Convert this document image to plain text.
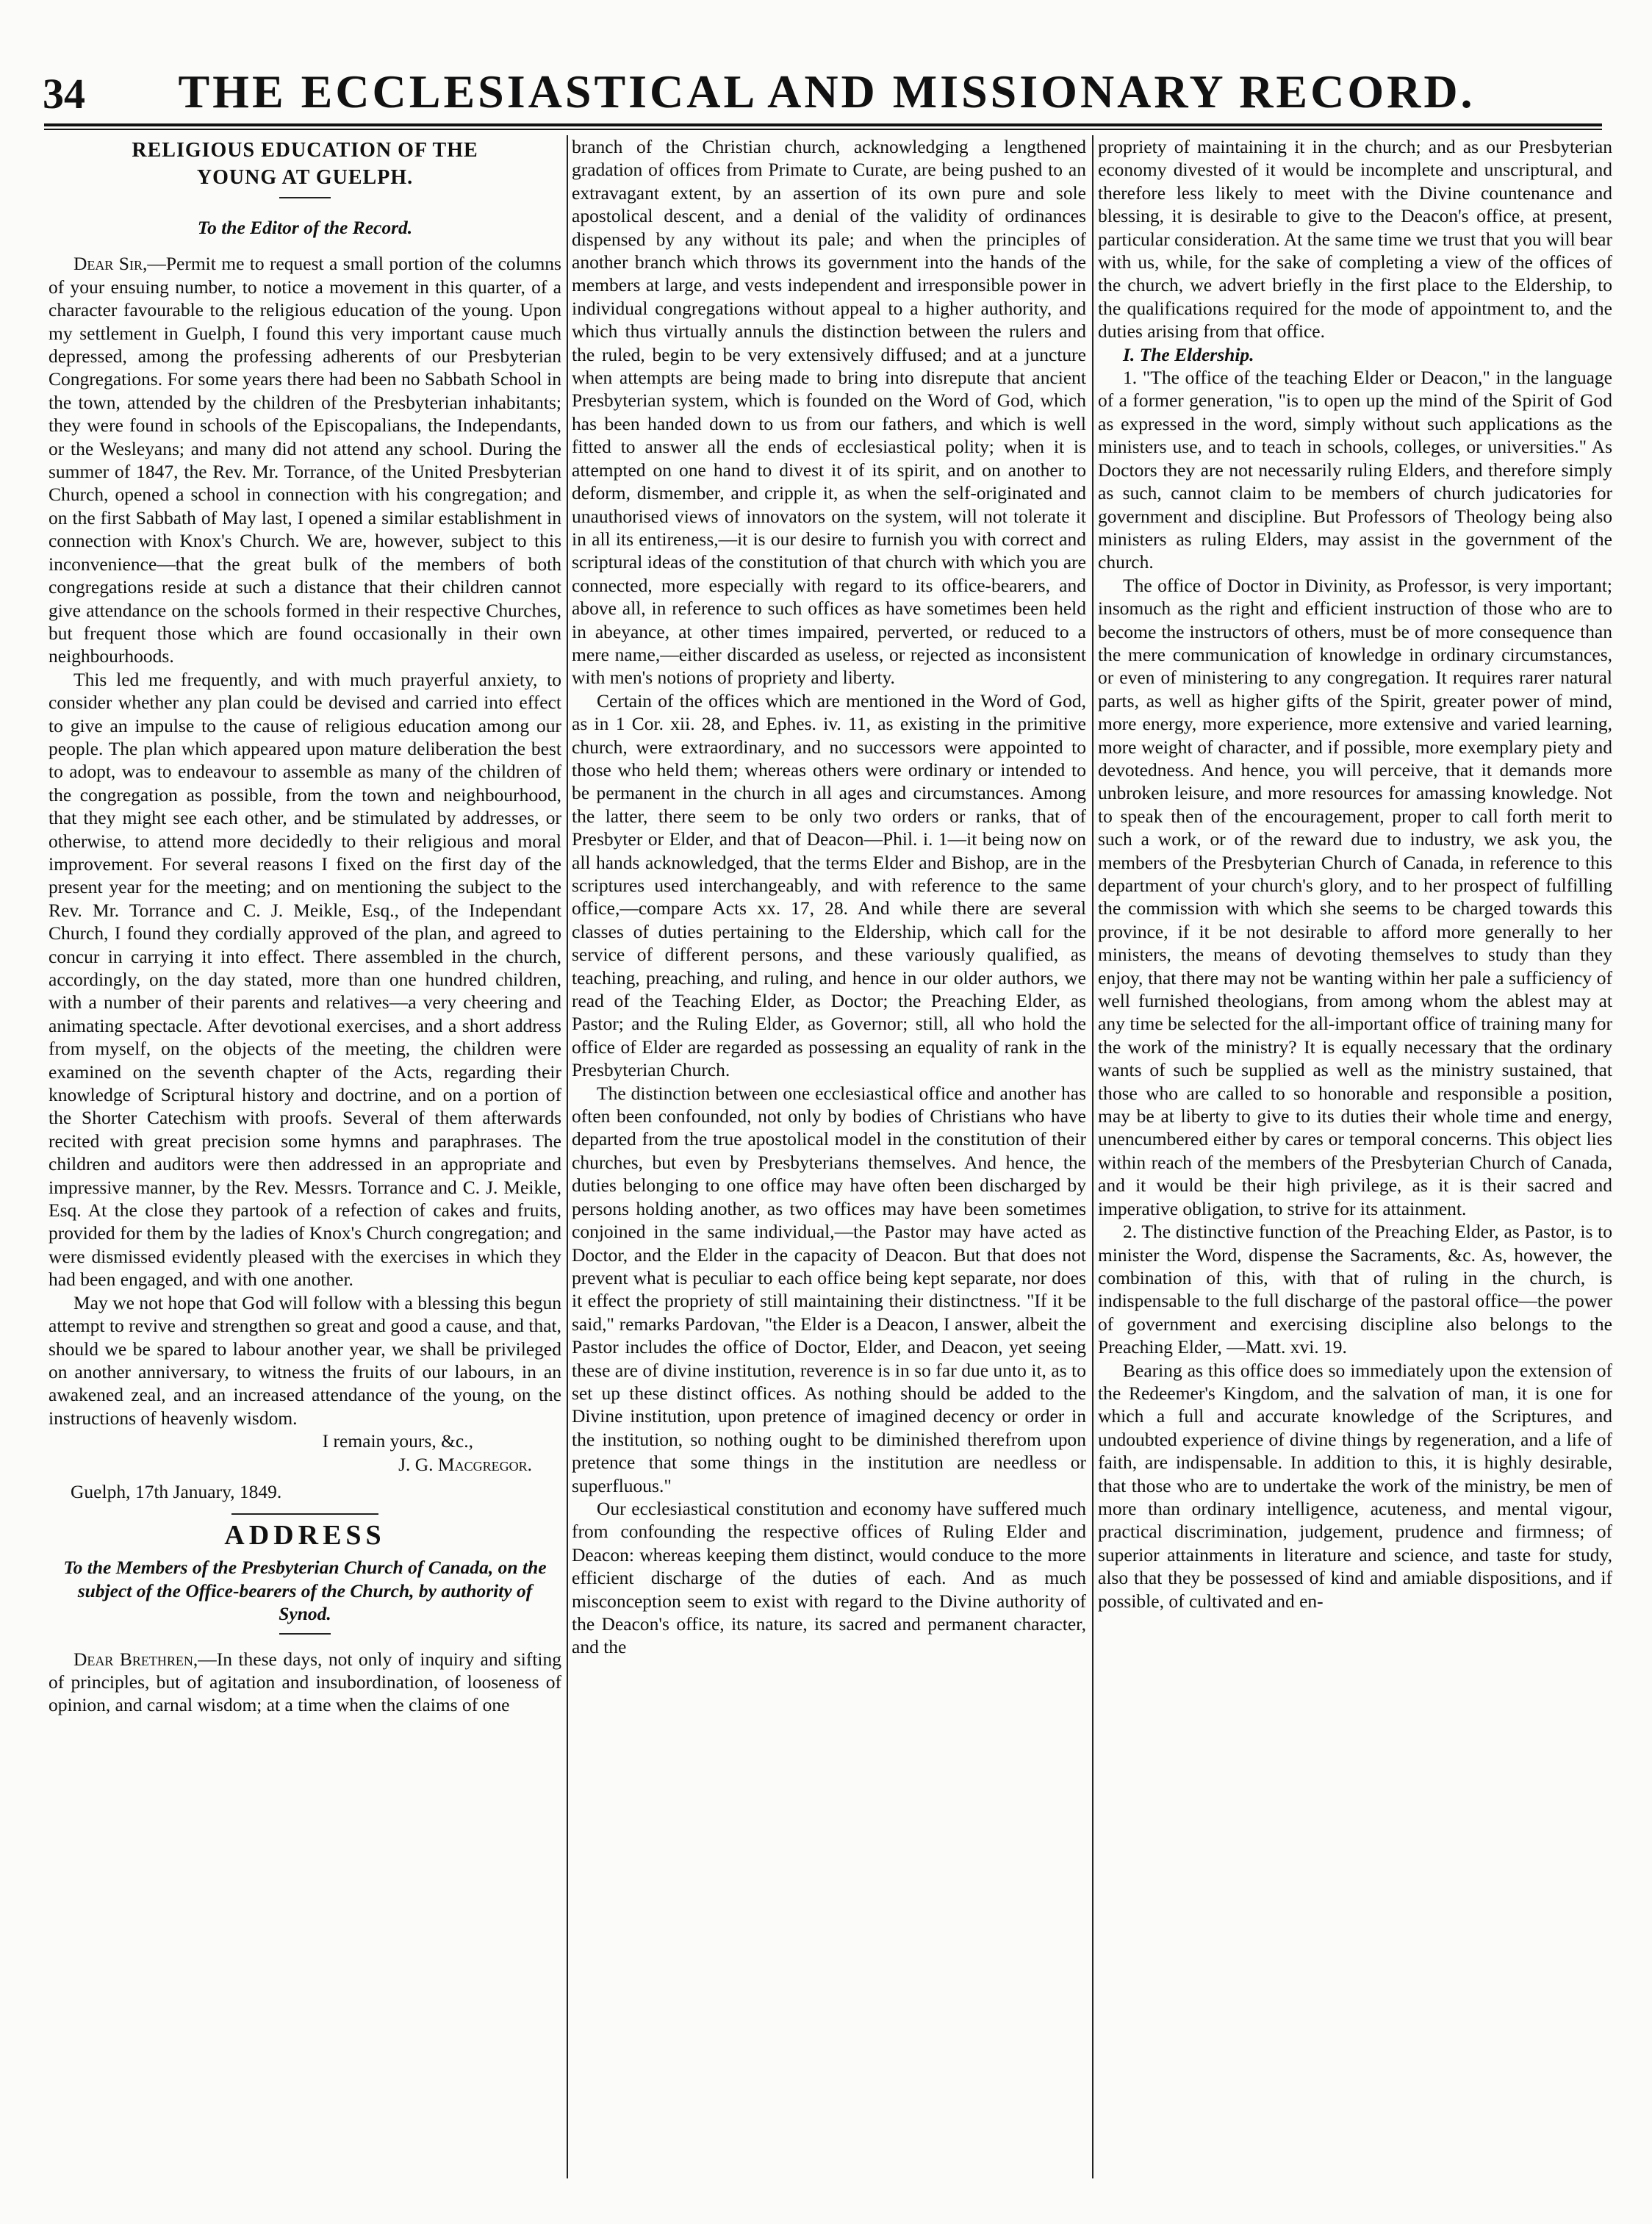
34	THE ECCLESIASTICAL AND MISSIONARY RECORD.
RELIGIOUS EDUCATION OF THE
YOUNG AT GUELPH.

To the Editor of the Record.

Dear Sir,—Permit me to request a small portion of the columns of your ensuing number, to notice a movement in this quarter, of a character favourable to the religious education of the young. Upon my settlement in Guelph, I found this very important cause much depressed, among the professing adherents of our Presbyterian Congregations. For some years there had been no Sabbath School in the town, attended by the children of the Presbyterian inhabitants; they were found in schools of the Episcopalians, the Independants, or the Wesleyans; and many did not attend any school. During the summer of 1847, the Rev. Mr. Torrance, of the United Presbyterian Church, opened a school in connection with his congregation; and on the first Sabbath of May last, I opened a similar establishment in connection with Knox's Church. We are, however, subject to this inconvenience—that the great bulk of the members of both congregations reside at such a distance that their children cannot give attendance on the schools formed in their respective Churches, but frequent those which are found occasionally in their own neighbourhoods.

This led me frequently, and with much prayerful anxiety, to consider whether any plan could be devised and carried into effect to give an impulse to the cause of religious education among our people. The plan which appeared upon mature deliberation the best to adopt, was to endeavour to assemble as many of the children of the congregation as possible, from the town and neighbourhood, that they might see each other, and be stimulated by addresses, or otherwise, to attend more decidedly to their religious and moral improvement. For several reasons I fixed on the first day of the present year for the meeting; and on mentioning the subject to the Rev. Mr. Torrance and C. J. Meikle, Esq., of the Independant Church, I found they cordially approved of the plan, and agreed to concur in carrying it into effect. There assembled in the church, accordingly, on the day stated, more than one hundred children, with a number of their parents and relatives—a very cheering and animating spectacle. After devotional exercises, and a short address from myself, on the objects of the meeting, the children were examined on the seventh chapter of the Acts, regarding their knowledge of Scriptural history and doctrine, and on a portion of the Shorter Catechism with proofs. Several of them afterwards recited with great precision some hymns and paraphrases. The children and auditors were then addressed in an appropriate and impressive manner, by the Rev. Messrs. Torrance and C. J. Meikle, Esq. At the close they partook of a refection of cakes and fruits, provided for them by the ladies of Knox's Church congregation; and were dismissed evidently pleased with the exercises in which they had been engaged, and with one another.

May we not hope that God will follow with a blessing this begun attempt to revive and strengthen so great and good a cause, and that, should we be spared to labour another year, we shall be privileged on another anniversary, to witness the fruits of our labours, in an awakened zeal, and an increased attendance of the young, on the instructions of heavenly wisdom.

I remain yours, &c.,

J. G. Macgregor.

Guelph, 17th January, 1849.

ADDRESS

To the Members of the Presbyterian Church of Canada, on the subject of the Office-bearers of the Church, by authority of Synod.

Dear Brethren,—In these days, not only of inquiry and sifting of principles, but of agitation and insubordination, of looseness of opinion, and carnal wisdom; at a time when the claims of one

branch of the Christian church, acknowledging a lengthened gradation of offices from Primate to Curate, are being pushed to an extravagant extent, by an assertion of its own pure and sole apostolical descent, and a denial of the validity of ordinances dispensed by any without its pale; and when the principles of another branch which throws its government into the hands of the members at large, and vests independent and irresponsible power in individual congregations without appeal to a higher authority, and which thus virtually annuls the distinction between the rulers and the ruled, begin to be very extensively diffused; and at a juncture when attempts are being made to bring into disrepute that ancient Presbyterian system, which is founded on the Word of God, which has been handed down to us from our fathers, and which is well fitted to answer all the ends of ecclesiastical polity; when it is attempted on one hand to divest it of its spirit, and on another to deform, dismember, and cripple it, as when the self-originated and unauthorised views of innovators on the system, will not tolerate it in all its entireness,—it is our desire to furnish you with correct and scriptural ideas of the constitution of that church with which you are connected, more especially with regard to its office-bearers, and above all, in reference to such offices as have sometimes been held in abeyance, at other times impaired, perverted, or reduced to a mere name,—either discarded as useless, or rejected as inconsistent with men's notions of propriety and liberty.

Certain of the offices which are mentioned in the Word of God, as in 1 Cor. xii. 28, and Ephes. iv. 11, as existing in the primitive church, were extraordinary, and no successors were appointed to those who held them; whereas others were ordinary or intended to be permanent in the church in all ages and circumstances. Among the latter, there seem to be only two orders or ranks, that of Presbyter or Elder, and that of Deacon—Phil. i. 1—it being now on all hands acknowledged, that the terms Elder and Bishop, are in the scriptures used interchangeably, and with reference to the same office,—compare Acts xx. 17, 28. And while there are several classes of duties pertaining to the Eldership, which call for the service of different persons, and these variously qualified, as teaching, preaching, and ruling, and hence in our older authors, we read of the Teaching Elder, as Doctor; the Preaching Elder, as Pastor; and the Ruling Elder, as Governor; still, all who hold the office of Elder are regarded as possessing an equality of rank in the Presbyterian Church.

The distinction between one ecclesiastical office and another has often been confounded, not only by bodies of Christians who have departed from the true apostolical model in the constitution of their churches, but even by Presbyterians themselves. And hence, the duties belonging to one office may have often been discharged by persons holding another, as two offices may have been sometimes conjoined in the same individual,—the Pastor may have acted as Doctor, and the Elder in the capacity of Deacon. But that does not prevent what is peculiar to each office being kept separate, nor does it effect the propriety of still maintaining their distinctness. "If it be said," remarks Pardovan, "the Elder is a Deacon, I answer, albeit the Pastor includes the office of Doctor, Elder, and Deacon, yet seeing these are of divine institution, reverence is in so far due unto it, as to set up these distinct offices. As nothing should be added to the Divine institution, upon pretence of imagined decency or order in the institution, so nothing ought to be diminished therefrom upon pretence that some things in the institution are needless or superfluous."

Our ecclesiastical constitution and economy have suffered much from confounding the respective offices of Ruling Elder and Deacon: whereas keeping them distinct, would conduce to the more efficient discharge of the duties of each. And as much misconception seem to exist with regard to the Divine authority of the Deacon's office, its nature, its sacred and permanent character, and the

propriety of maintaining it in the church; and as our Presbyterian economy divested of it would be incomplete and unscriptural, and therefore less likely to meet with the Divine countenance and blessing, it is desirable to give to the Deacon's office, at present, particular consideration. At the same time we trust that you will bear with us, while, for the sake of completing a view of the offices of the church, we advert briefly in the first place to the Eldership, to the qualifications required for the mode of appointment to, and the duties arising from that office.

I. The Eldership.

1. "The office of the teaching Elder or Deacon," in the language of a former generation, "is to open up the mind of the Spirit of God as expressed in the word, simply without such applications as the ministers use, and to teach in schools, colleges, or universities." As Doctors they are not necessarily ruling Elders, and therefore simply as such, cannot claim to be members of church judicatories for government and discipline. But Professors of Theology being also ministers as ruling Elders, may assist in the government of the church.

The office of Doctor in Divinity, as Professor, is very important; insomuch as the right and efficient instruction of those who are to become the instructors of others, must be of more consequence than the mere communication of knowledge in ordinary circumstances, or even of ministering to any congregation. It requires rarer natural parts, as well as higher gifts of the Spirit, greater power of mind, more energy, more experience, more extensive and varied learning, more weight of character, and if possible, more exemplary piety and devotedness. And hence, you will perceive, that it demands more unbroken leisure, and more resources for amassing knowledge. Not to speak then of the encouragement, proper to call forth merit to such a work, or of the reward due to industry, we ask you, the members of the Presbyterian Church of Canada, in reference to this department of your church's glory, and to her prospect of fulfilling the commission with which she seems to be charged towards this province, if it be not desirable to afford more generally to her ministers, the means of devoting themselves to study than they enjoy, that there may not be wanting within her pale a sufficiency of well furnished theologians, from among whom the ablest may at any time be selected for the all-important office of training many for the work of the ministry? It is equally necessary that the ordinary wants of such be supplied as well as the ministry sustained, that those who are called to so honorable and responsible a position, may be at liberty to give to its duties their whole time and energy, unencumbered either by cares or temporal concerns. This object lies within reach of the members of the Presbyterian Church of Canada, and it would be their high privilege, as it is their sacred and imperative obligation, to strive for its attainment.

2. The distinctive function of the Preaching Elder, as Pastor, is to minister the Word, dispense the Sacraments, &c. As, however, the combination of this, with that of ruling in the church, is indispensable to the full discharge of the pastoral office—the power of government and exercising discipline also belongs to the Preaching Elder, —Matt. xvi. 19.

Bearing as this office does so immediately upon the extension of the Redeemer's Kingdom, and the salvation of man, it is one for which a full and accurate knowledge of the Scriptures, and undoubted experience of divine things by regeneration, and a life of faith, are indispensable. In addition to this, it is highly desirable, that those who are to undertake the work of the ministry, be men of more than ordinary intelligence, acuteness, and mental vigour, practical discrimination, judgement, prudence and firmness; of superior attainments in literature and science, and taste for study, also that they be possessed of kind and amiable dispositions, and if possible, of cultivated and en-
